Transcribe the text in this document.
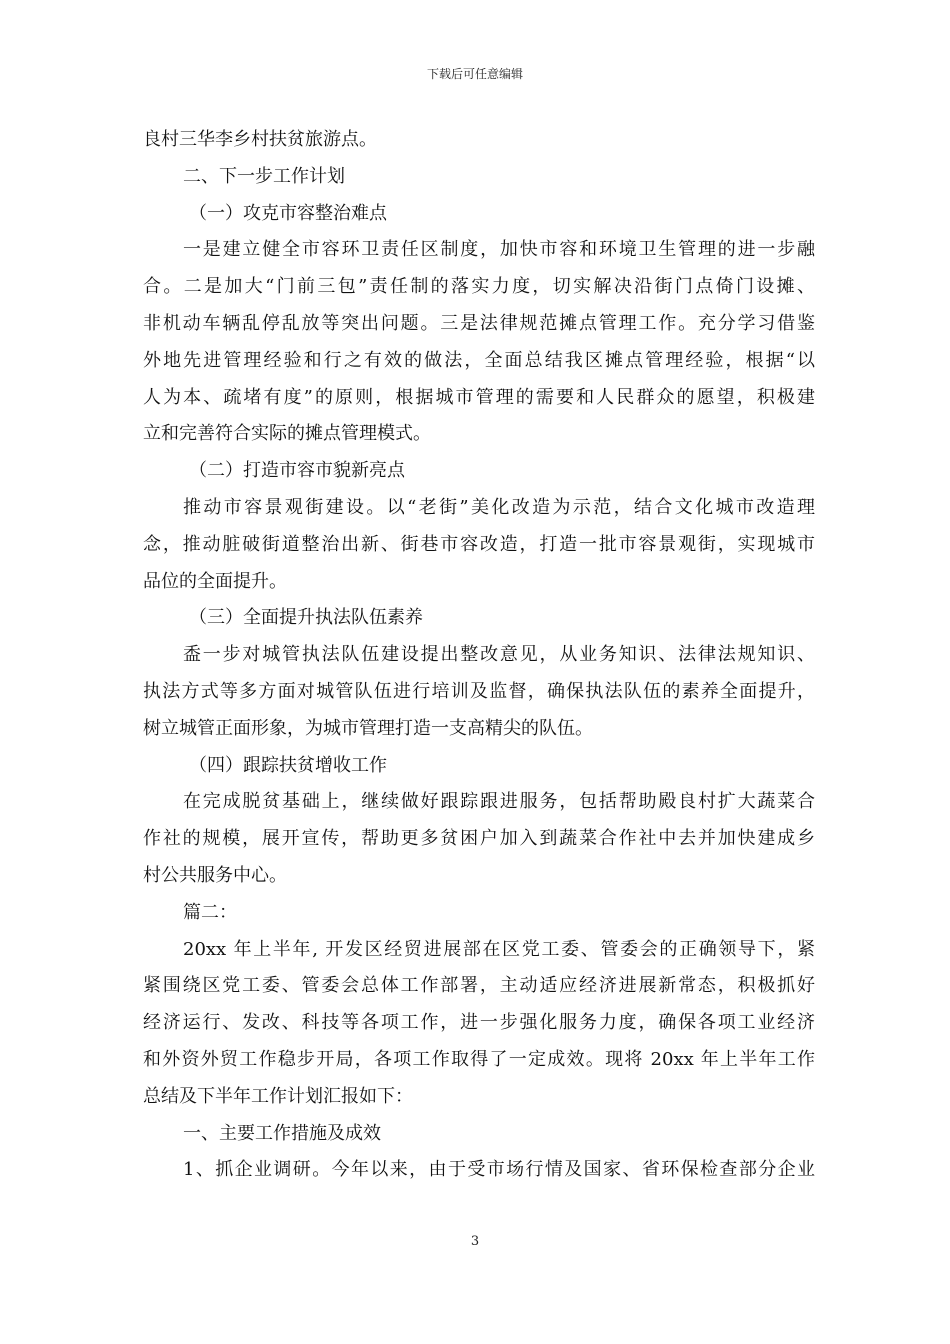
下载后可任意编辑
良村三华李乡村扶贫旅游点。
二、下一步工作计划
（一）攻克市容整治难点
一是建立健全市容环卫责任区制度，加快市容和环境卫生管理的进一步融
合。二是加大“门前三包”责任制的落实力度，切实解决沿街门点倚门设摊、
非机动车辆乱停乱放等突出问题。三是法律规范摊点管理工作。充分学习借鉴
外地先进管理经验和行之有效的做法，全面总结我区摊点管理经验，根据“以
人为本、疏堵有度”的原则，根据城市管理的需要和人民群众的愿望，积极建
立和完善符合实际的摊点管理模式。
（二）打造市容市貌新亮点
推动市容景观街建设。以“老街”美化改造为示范，结合文化城市改造理
念，推动脏破街道整治出新、街巷市容改造，打造一批市容景观街，实现城市
品位的全面提升。
（三）全面提升执法队伍素养
盉一步对城管执法队伍建设提出整改意见，从业务知识、法律法规知识、
执法方式等多方面对城管队伍进行培训及监督，确保执法队伍的素养全面提升，
树立城管正面形象，为城市管理打造一支高精尖的队伍。
（四）跟踪扶贫增收工作
在完成脱贫基础上，继续做好跟踪跟进服务，包括帮助殿良村扩大蔬菜合
作社的规模，展开宣传，帮助更多贫困户加入到蔬菜合作社中去并加快建成乡
村公共服务中心。
篇二：
20xx 年上半年, 开发区经贸进展部在区党工委、管委会的正确领导下，紧
紧围绕区党工委、管委会总体工作部署，主动适应经济进展新常态，积极抓好
经济运行、发改、科技等各项工作，进一步强化服务力度，确保各项工业经济
和外资外贸工作稳步开局，各项工作取得了一定成效。现将 20xx 年上半年工作
总结及下半年工作计划汇报如下：
一、主要工作措施及成效
1、抓企业调研。今年以来，由于受市场行情及国家、省环保检查部分企业
3
